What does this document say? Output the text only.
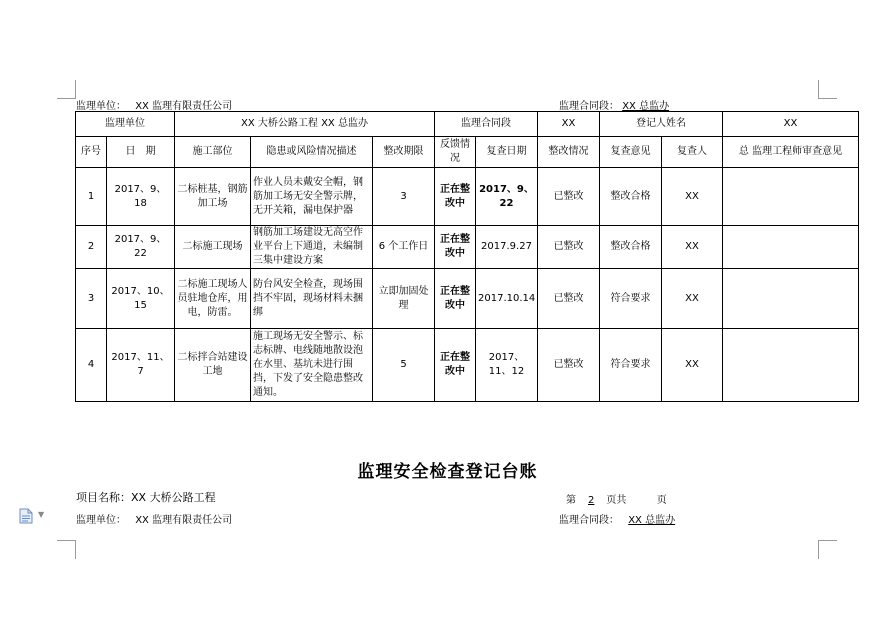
监理单位： XX 监理有限责任公司	监理合同段： XX 总监办
监理单位		XX 大桥公路工程 XX 总监办			监理合同段		XX	登记人姓名		XX
序号	日　期	施工部位	隐患或风险情况描述	整改期限	反馈情况	复查日期	整改情况	复查意见	复查人	总 监理工程师审查意见
1	2017、9、18	二标桩基，钢筋加工场	作业人员未戴安全帽，钢筋加工场无安全警示牌，无开关箱，漏电保护器	3	正在整改中	2017、9、22	已整改	整改合格	XX	
2	2017、9、22	二标施工现场	钢筋加工场建设无高空作业平台上下通道，未编制三集中建设方案	6 个工作日	正在整改中	2017.9.27	已整改	整改合格	XX	
3	2017、10、15	二标施工现场人员驻地仓库，用电，防雷。	防台风安全检查，现场围挡不牢固，现场材料未捆绑	立即加固处理	正在整改中	2017.10.14	已整改	符合要求	XX	
4	2017、11、7	二标拌合站建设工地	施工现场无安全警示、标志标牌、电线随地散设泡在水里、基坑未进行围挡，下发了安全隐患整改通知。	5	正在整改中	2017、11、12	已整改	符合要求	XX	
监理安全检查登记台账
项目名称：XX 大桥公路工程	第 2 页共	页
监理单位： XX 监理有限责任公司	监理合同段： XX 总监办
▼
